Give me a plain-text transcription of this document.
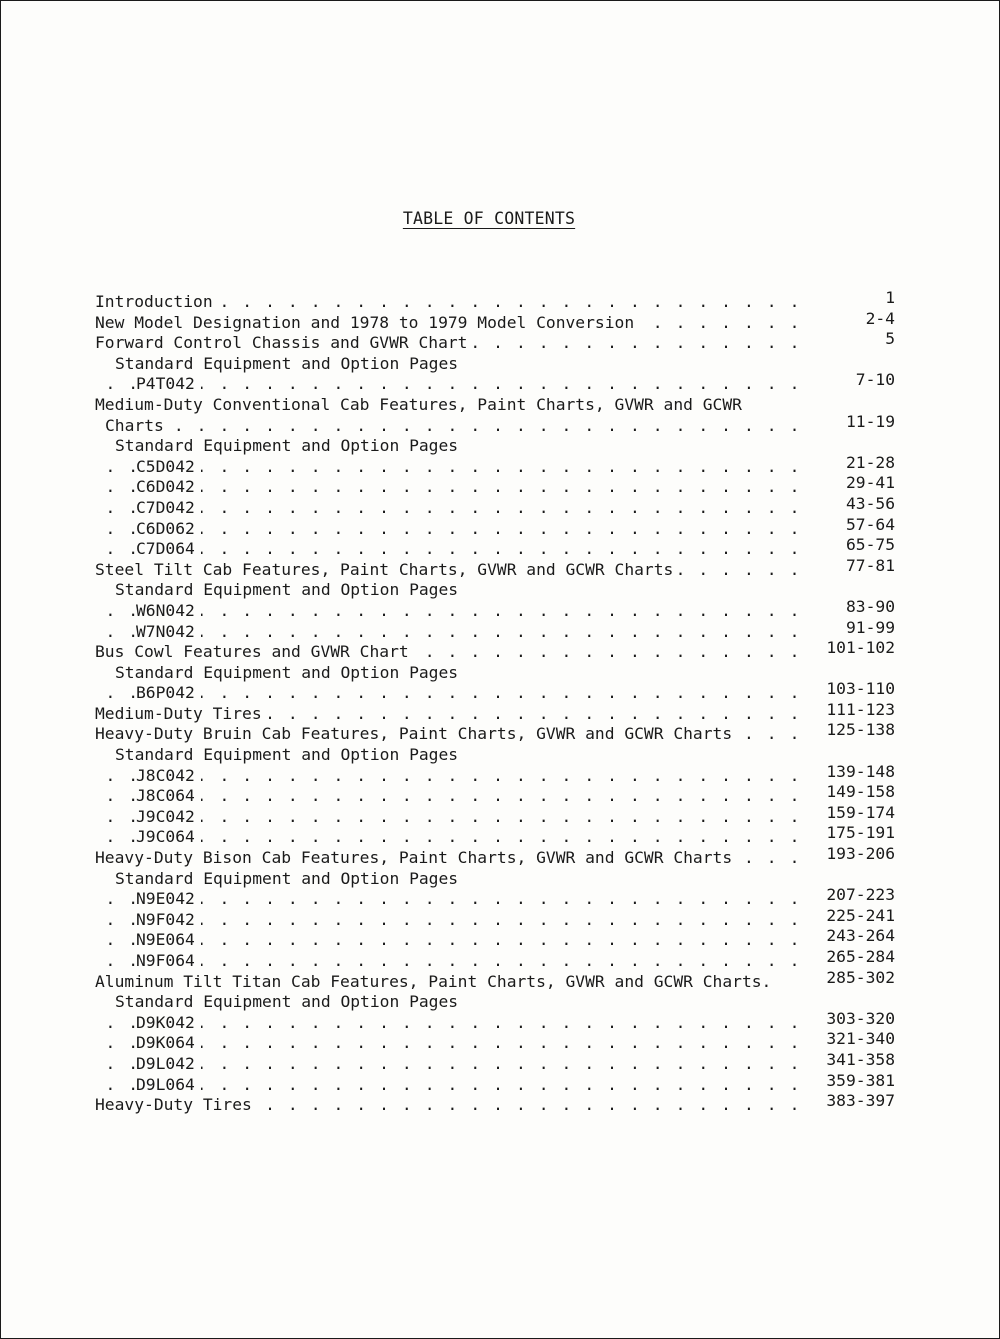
TABLE OF CONTENTS
. . .
Introduction	1
. . .
New Model Designation and 1978 to 1979 Model Conversion	2-4
. . .
Forward Control Chassis and GVWR Chart	5
Standard Equipment and Option Pages
. . .
P4T042	7-10
Medium-Duty Conventional Cab Features, Paint Charts, GVWR and GCWR
. . .
Charts	11-19
Standard Equipment and Option Pages
. . .
C5D042	21-28
. . .
C6D042	29-41
. . .
C7D042	43-56
. . .
C6D062	57-64
. . .
C7D064	65-75
. . .
Steel Tilt Cab Features, Paint Charts, GVWR and GCWR Charts	77-81
Standard Equipment and Option Pages
. . .
W6N042	83-90
. . .
W7N042	91-99
. . .
Bus Cowl Features and GVWR Chart	101-102
Standard Equipment and Option Pages
. . .
B6P042	103-110
. . .
Medium-Duty Tires	111-123
. . .
Heavy-Duty Bruin Cab Features, Paint Charts, GVWR and GCWR Charts	125-138
Standard Equipment and Option Pages
. . .
J8C042	139-148
. . .
J8C064	149-158
. . .
J9C042	159-174
. . .
J9C064	175-191
. . .
Heavy-Duty Bison Cab Features, Paint Charts, GVWR and GCWR Charts	193-206
Standard Equipment and Option Pages
. . .
N9E042	207-223
. . .
N9F042	225-241
. . .
N9E064	243-264
. . .
N9F064	265-284
Aluminum Tilt Titan Cab Features, Paint Charts, GVWR and GCWR Charts.	285-302
Standard Equipment and Option Pages
. . .
D9K042	303-320
. . .
D9K064	321-340
. . .
D9L042	341-358
. . .
D9L064	359-381
. . .
Heavy-Duty Tires	383-397
